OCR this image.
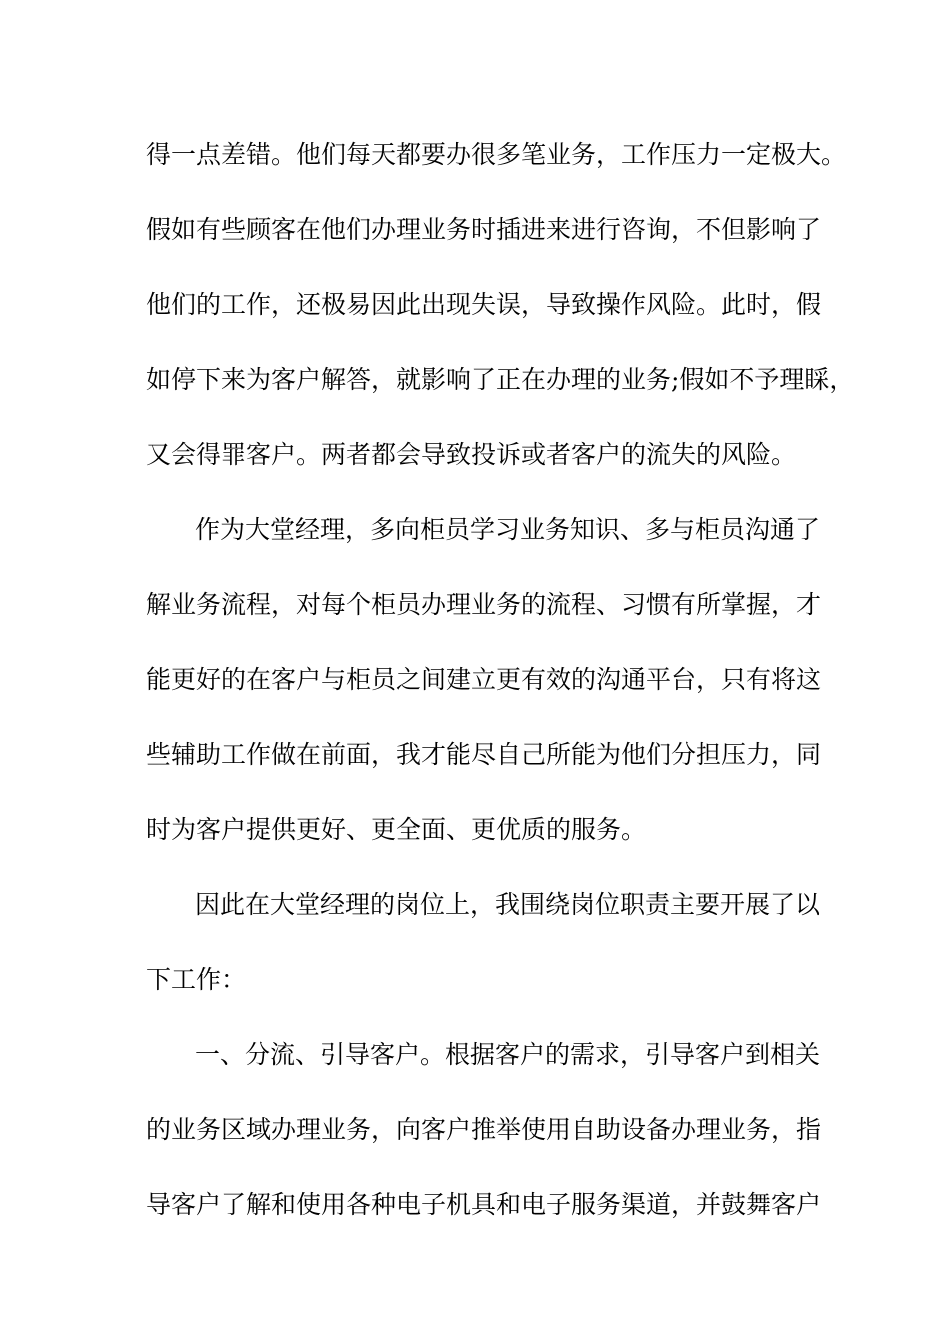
得一点差错。他们每天都要办很多笔业务，工作压力一定极大。
假如有些顾客在他们办理业务时插进来进行咨询，不但影响了
他们的工作，还极易因此出现失误，导致操作风险。此时，假
如停下来为客户解答，就影响了正在办理的业务;假如不予理睬，
又会得罪客户。两者都会导致投诉或者客户的流失的风险。
作为大堂经理，多向柜员学习业务知识、多与柜员沟通了
解业务流程，对每个柜员办理业务的流程、习惯有所掌握，才
能更好的在客户与柜员之间建立更有效的沟通平台，只有将这
些辅助工作做在前面，我才能尽自己所能为他们分担压力，同
时为客户提供更好、更全面、更优质的服务。
因此在大堂经理的岗位上，我围绕岗位职责主要开展了以
下工作：
一、分流、引导客户。根据客户的需求，引导客户到相关
的业务区域办理业务，向客户推举使用自助设备办理业务，指
导客户了解和使用各种电子机具和电子服务渠道，并鼓舞客户
